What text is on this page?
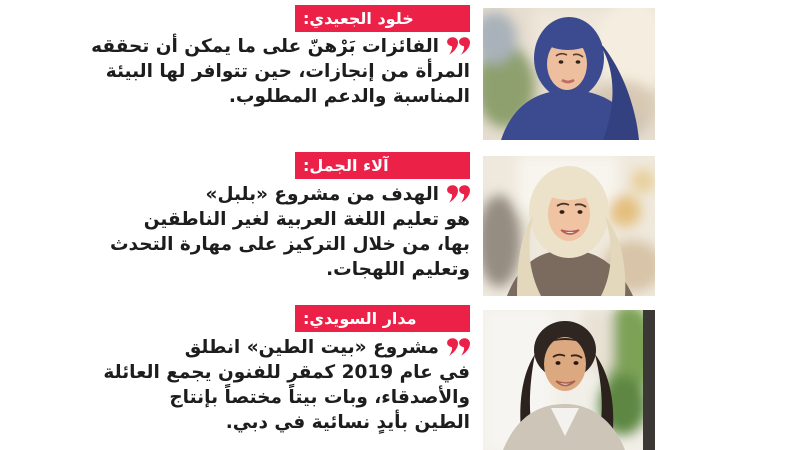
خلود الجعيدي:
الفائزات بَرْهنّ على ما يمكن أن تحققه
المرأة من إنجازات، حين تتوافر لها البيئة
المناسبة والدعم المطلوب.
آلاء الجمل:
الهدف من مشروع «بلبل»
هو تعليم اللغة العربية لغير الناطقين
بها، من خلال التركيز على مهارة التحدث
وتعليم اللهجات.
مدار السويدي:
مشروع «بيت الطين» انطلق
في عام 2019 كمقر للفنون يجمع العائلة
والأصدقاء، وبات بيتاً مختصاً بإنتاج
الطين بأيدٍ نسائية في دبي.
